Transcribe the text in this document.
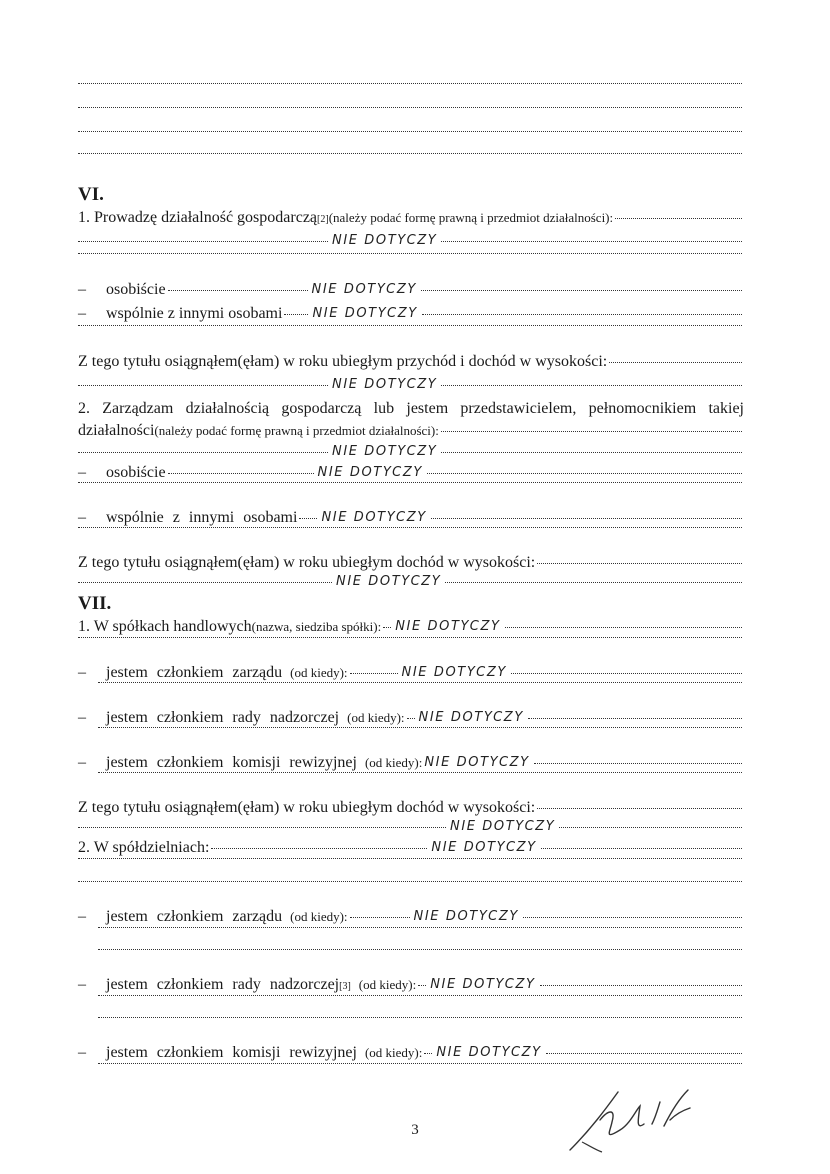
VI.
1. Prowadzę działalność gospodarczą [2] (należy podać formę prawną i przedmiot działalności):
NIE DOTYCZY
–	osobiście	NIE DOTYCZY
–	wspólnie z innymi osobami NIE DOTYCZY
Z tego tytułu osiągnąłem(ęłam) w roku ubiegłym przychód i dochód w wysokości:
NIE DOTYCZY
2. Zarządzam działalnością gospodarczą lub jestem przedstawicielem, pełnomocnikiem takiej
działalności (należy podać formę prawną i przedmiot działalności):
NIE DOTYCZY
–	osobiście	NIE DOTYCZY
–	wspólnie z innymi osobami NIE DOTYCZY
Z tego tytułu osiągnąłem(ęłam) w roku ubiegłym dochód w wysokości:
NIE DOTYCZY
VII.
1. W spółkach handlowych (nazwa, siedziba spółki): NIE DOTYCZY
–	jestem członkiem zarządu
(od kiedy):	NIE DOTYCZY
–	jestem członkiem rady nadzorczej
(od kiedy): NIE DOTYCZY
–	jestem członkiem komisji rewizyjnej
(od kiedy): NIE DOTYCZY
Z tego tytułu osiągnąłem(ęłam) w roku ubiegłym dochód w wysokości:
NIE DOTYCZY
2. W spółdzielniach:	NIE DOTYCZY
–	jestem członkiem zarządu
(od kiedy):	NIE DOTYCZY
–	jestem członkiem rady nadzorczej [3]
(od kiedy): NIE DOTYCZY
–	jestem członkiem komisji rewizyjnej
(od kiedy): NIE DOTYCZY
3
